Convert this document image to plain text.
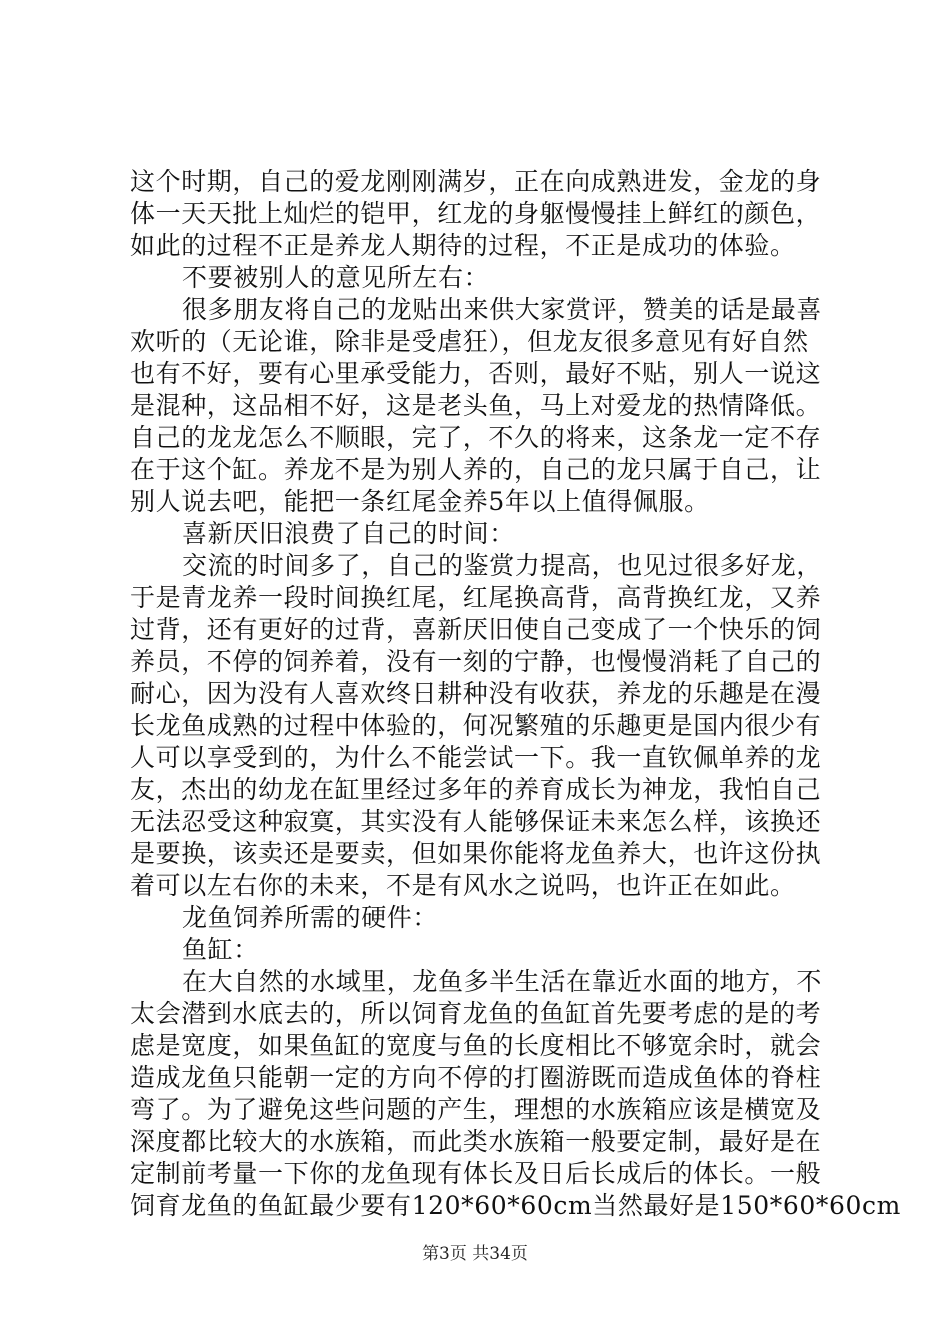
这个时期，自己的爱龙刚刚满岁，正在向成熟进发，金龙的身
体一天天批上灿烂的铠甲，红龙的身躯慢慢挂上鲜红的颜色，
如此的过程不正是养龙人期待的过程，不正是成功的体验。
不要被别人的意见所左右：
很多朋友将自己的龙贴出来供大家赏评，赞美的话是最喜
欢听的（无论谁，除非是受虐狂），但龙友很多意见有好自然
也有不好，要有心里承受能力，否则，最好不贴，别人一说这
是混种，这品相不好，这是老头鱼，马上对爱龙的热情降低。
自己的龙龙怎么不顺眼，完了，不久的将来，这条龙一定不存
在于这个缸。养龙不是为别人养的，自己的龙只属于自己，让
别人说去吧，能把一条红尾金养5年以上值得佩服。
喜新厌旧浪费了自己的时间：
交流的时间多了，自己的鉴赏力提高，也见过很多好龙，
于是青龙养一段时间换红尾，红尾换高背，高背换红龙，又养
过背，还有更好的过背，喜新厌旧使自己变成了一个快乐的饲
养员，不停的饲养着，没有一刻的宁静，也慢慢消耗了自己的
耐心，因为没有人喜欢终日耕种没有收获，养龙的乐趣是在漫
长龙鱼成熟的过程中体验的，何况繁殖的乐趣更是国内很少有
人可以享受到的，为什么不能尝试一下。我一直钦佩单养的龙
友，杰出的幼龙在缸里经过多年的养育成长为神龙，我怕自己
无法忍受这种寂寞，其实没有人能够保证未来怎么样，该换还
是要换，该卖还是要卖，但如果你能将龙鱼养大，也许这份执
着可以左右你的未来，不是有风水之说吗，也许正在如此。
龙鱼饲养所需的硬件：
鱼缸：
在大自然的水域里，龙鱼多半生活在靠近水面的地方，不
太会潜到水底去的，所以饲育龙鱼的鱼缸首先要考虑的是的考
虑是宽度，如果鱼缸的宽度与鱼的长度相比不够宽余时，就会
造成龙鱼只能朝一定的方向不停的打圈游既而造成鱼体的脊柱
弯了。为了避免这些问题的产生，理想的水族箱应该是横宽及
深度都比较大的水族箱，而此类水族箱一般要定制，最好是在
定制前考量一下你的龙鱼现有体长及日后长成后的体长。一般
饲育龙鱼的鱼缸最少要有120*60*60cm当然最好是150*60*60cm
第3页 共34页
